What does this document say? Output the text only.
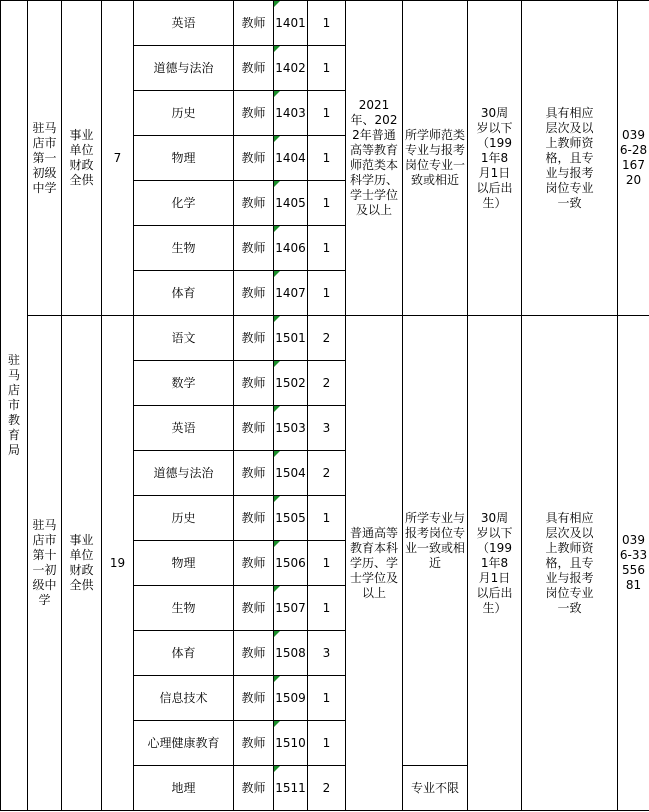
驻马店市教育局	驻马店市第一初级中学	事业单位财政全供	7	英语	教师	1401	1	2021年、2022年普通高等教育师范类本科学历、学士学位及以上	所学师范类专业与报考岗位专业一致或相近	30周岁以下（1991年8月1日以后出生）	具有相应层次及以上教师资格，且专业与报考岗位专业一致	0396-2816720
				道德与法治	教师	1402	1					
				历史	教师	1403	1					
				物理	教师	1404	1					
				化学	教师	1405	1					
				生物	教师	1406	1					
				体育	教师	1407	1					
	驻马店市第十一初级中学	事业单位财政全供	19	语文	教师	1501	2	普通高等教育本科学历、学士学位及以上	所学专业与报考岗位专业一致或相近	30周岁以下（1991年8月1日以后出生）	具有相应层次及以上教师资格，且专业与报考岗位专业一致	0396-3355681
				数学	教师	1502	2					
				英语	教师	1503	3					
				道德与法治	教师	1504	2					
				历史	教师	1505	1					
				物理	教师	1506	1					
				生物	教师	1507	1					
				体育	教师	1508	3					
				信息技术	教师	1509	1					
				心理健康教育	教师	1510	1					
				地理	教师	1511	2		专业不限			
